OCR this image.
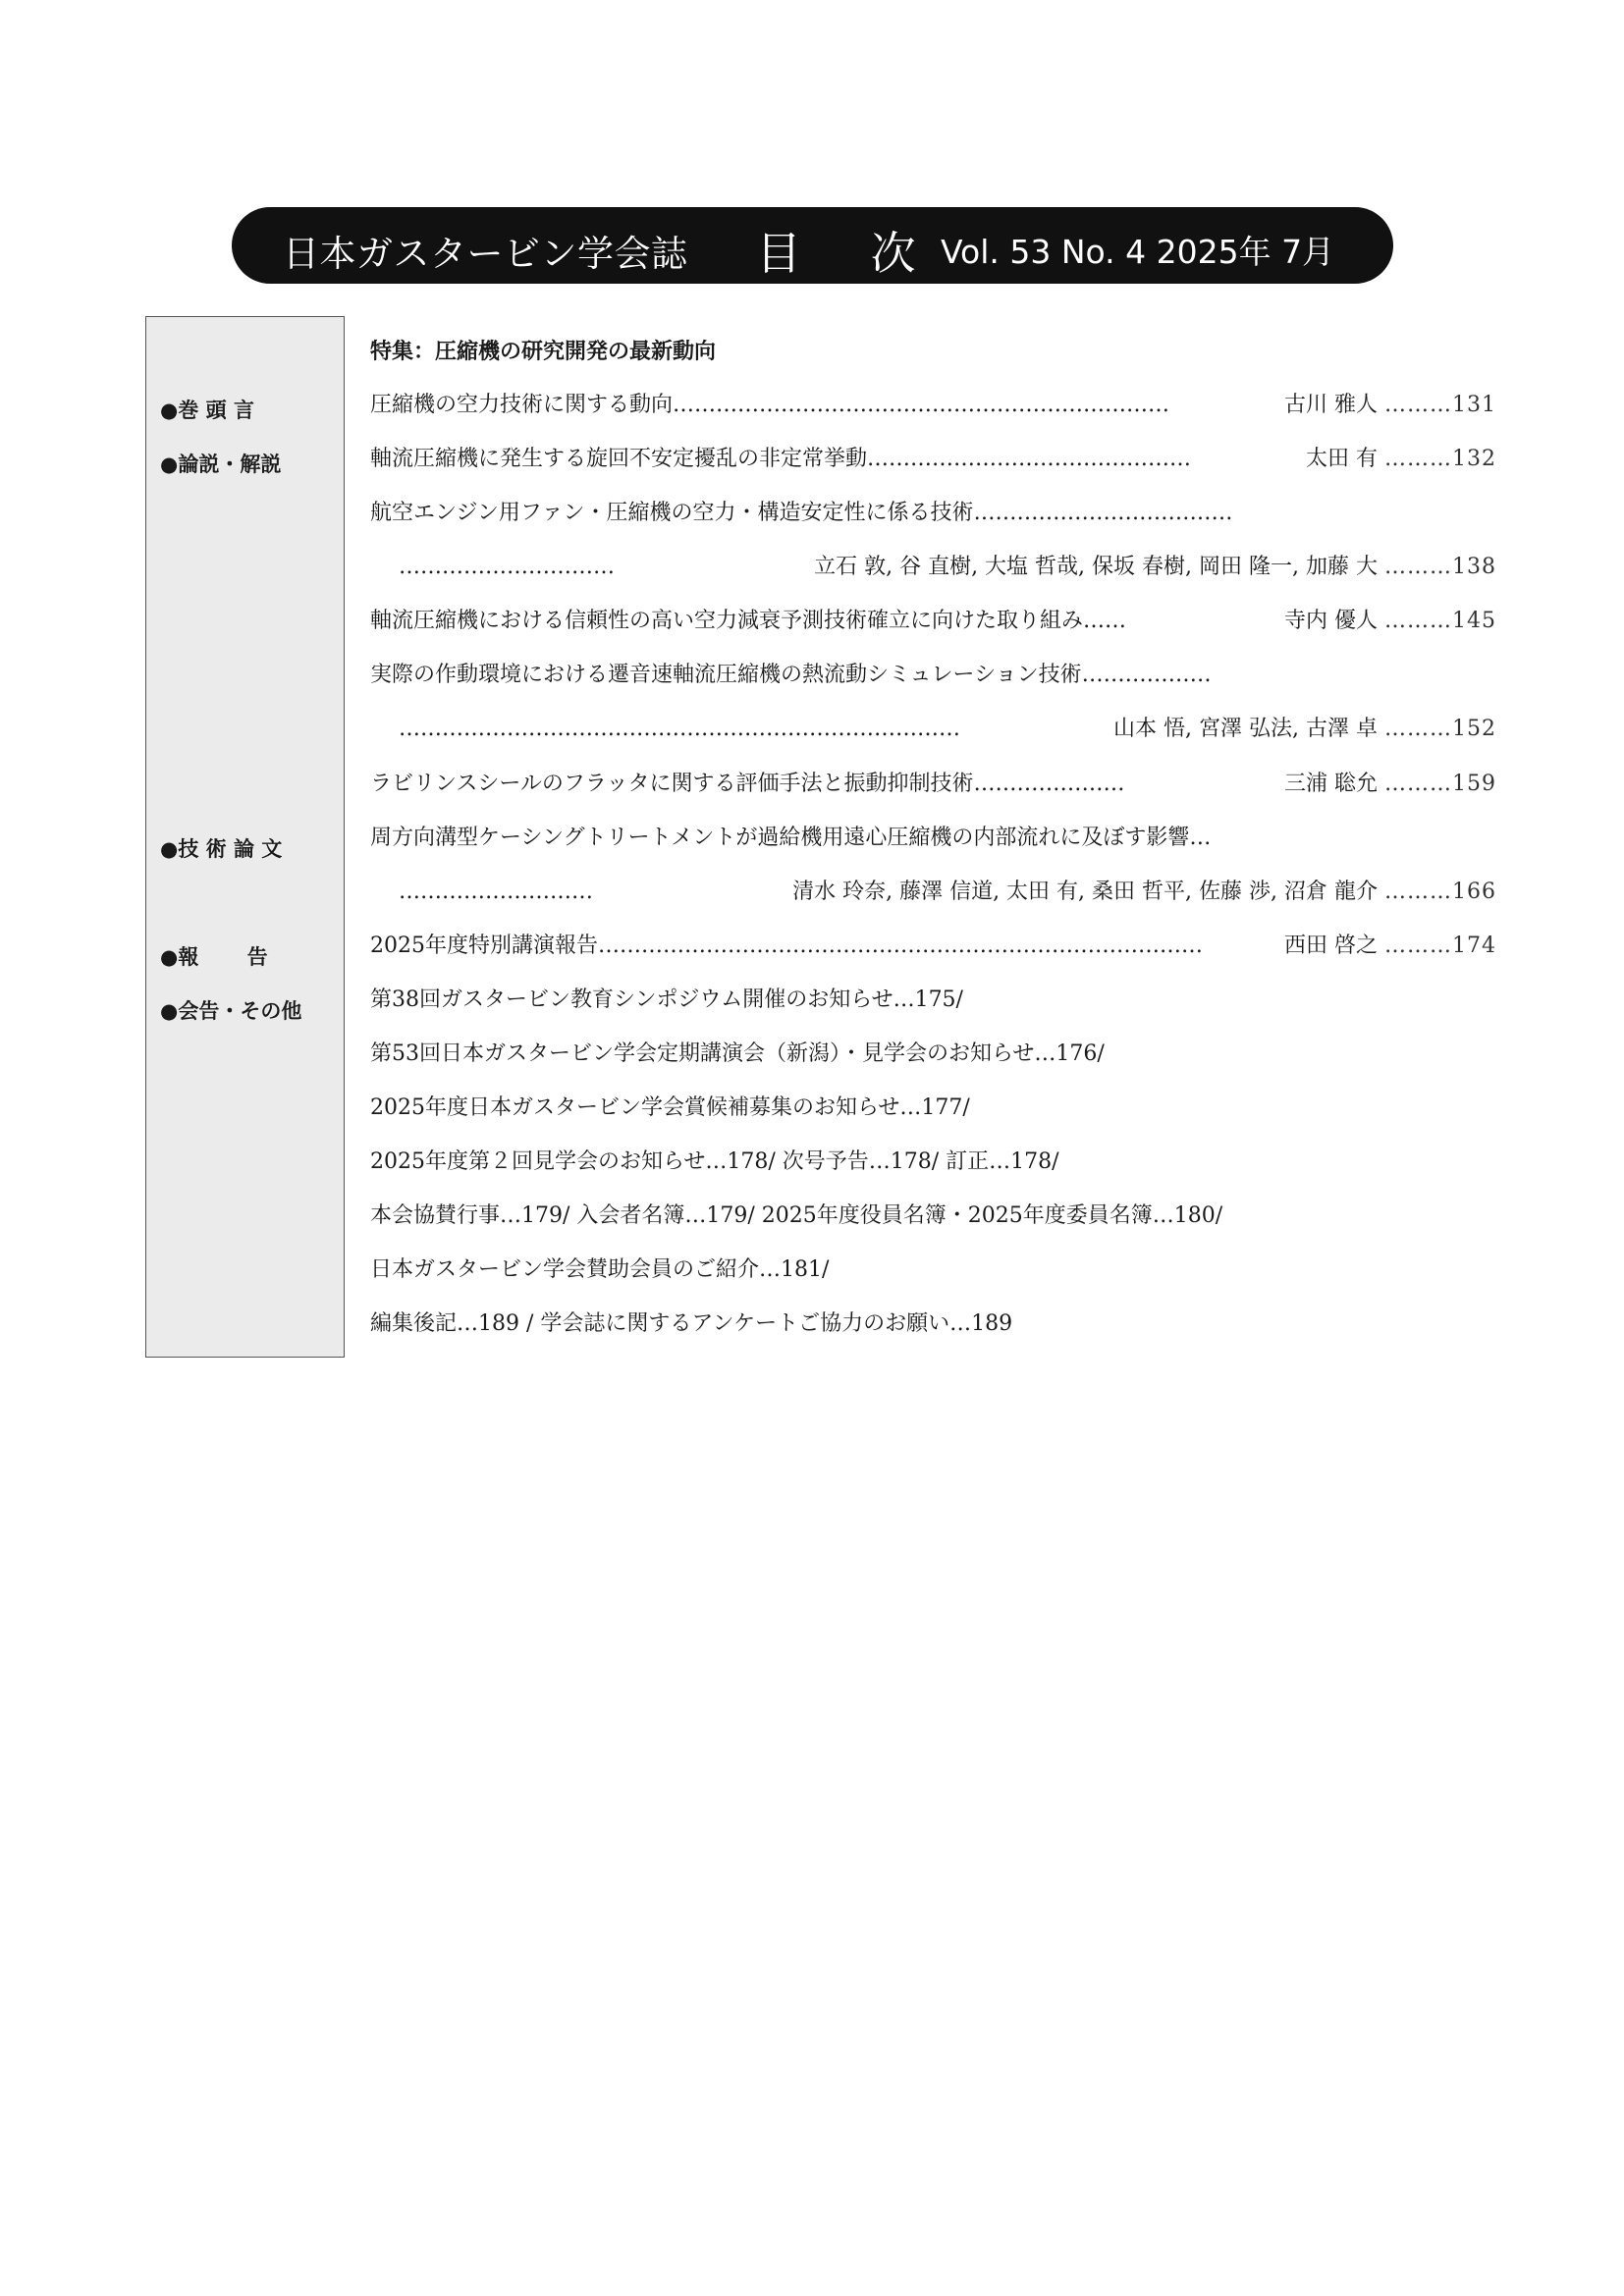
日本ガスタービン学会誌 目 次
Vol. 53 No. 4 2025年 7月
特集：圧縮機の研究開発の最新動向
●巻 頭 言
●論説・解説
●技 術 論 文
●報　　 告
●会告・その他
圧縮機の空力技術に関する動向……………………………………………………………	古川 雅人 ………131
軸流圧縮機に発生する旋回不安定擾乱の非定常挙動………………………………………	太田 有 ………132
航空エンジン用ファン・圧縮機の空力・構造安定性に係る技術………………………………
…………………………	立石 敦, 谷 直樹, 大塩 哲哉, 保坂 春樹, 岡田 隆一, 加藤 大 ………138
軸流圧縮機における信頼性の高い空力減衰予測技術確立に向けた取り組み……	寺内 優人 ………145
実際の作動環境における遷音速軸流圧縮機の熱流動シミュレーション技術………………
……………………………………………………………………	山本 悟, 宮澤 弘法, 古澤 卓 ………152
ラビリンスシールのフラッタに関する評価手法と振動抑制技術…………………	三浦 聡允 ………159
周方向溝型ケーシングトリートメントが過給機用遠心圧縮機の内部流れに及ぼす影響…
………………………	清水 玲奈, 藤澤 信道, 太田 有, 桑田 哲平, 佐藤 渉, 沼倉 龍介 ………166
2025年度特別講演報告…………………………………………………………………………	西田 啓之 ………174
第38回ガスタービン教育シンポジウム開催のお知らせ…175/
第53回日本ガスタービン学会定期講演会（新潟）・見学会のお知らせ…176/
2025年度日本ガスタービン学会賞候補募集のお知らせ…177/
2025年度第２回見学会のお知らせ…178/ 次号予告…178/ 訂正…178/
本会協賛行事…179/ 入会者名簿…179/ 2025年度役員名簿・2025年度委員名簿…180/
日本ガスタービン学会賛助会員のご紹介…181/
編集後記…189 / 学会誌に関するアンケートご協力のお願い…189
